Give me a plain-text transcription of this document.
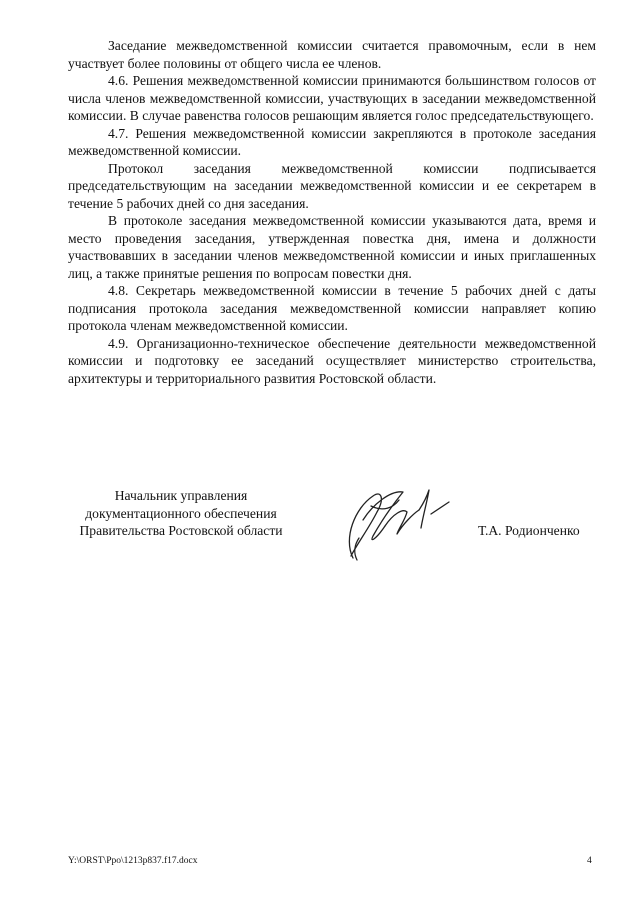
Заседание межведомственной комиссии считается правомочным, если в нем участвует более половины от общего числа ее членов.

4.6. Решения межведомственной комиссии принимаются большинством голосов от числа членов межведомственной комиссии, участвующих в заседании межведомственной комиссии. В случае равенства голосов решающим является голос председательствующего.

4.7. Решения межведомственной комиссии закрепляются в протоколе заседания межведомственной комиссии.

Протокол заседания межведомственной комиссии подписывается председательствующим на заседании межведомственной комиссии и ее секретарем в течение 5 рабочих дней со дня заседания.

В протоколе заседания межведомственной комиссии указываются дата, время и место проведения заседания, утвержденная повестка дня, имена и должности участвовавших в заседании членов межведомственной комиссии и иных приглашенных лиц, а также принятые решения по вопросам повестки дня.

4.8. Секретарь межведомственной комиссии в течение 5 рабочих дней с даты подписания протокола заседания межведомственной комиссии направляет копию протокола членам межведомственной комиссии.

4.9. Организационно-техническое обеспечение деятельности межведомственной комиссии и подготовку ее заседаний осуществляет министерство строительства, архитектуры и территориального развития Ростовской области.

Начальник управления
документационного обеспечения
Правительства Ростовской области	Т.А. Родионченко
Y:\ORST\Ppo\1213p837.f17.docx	4
